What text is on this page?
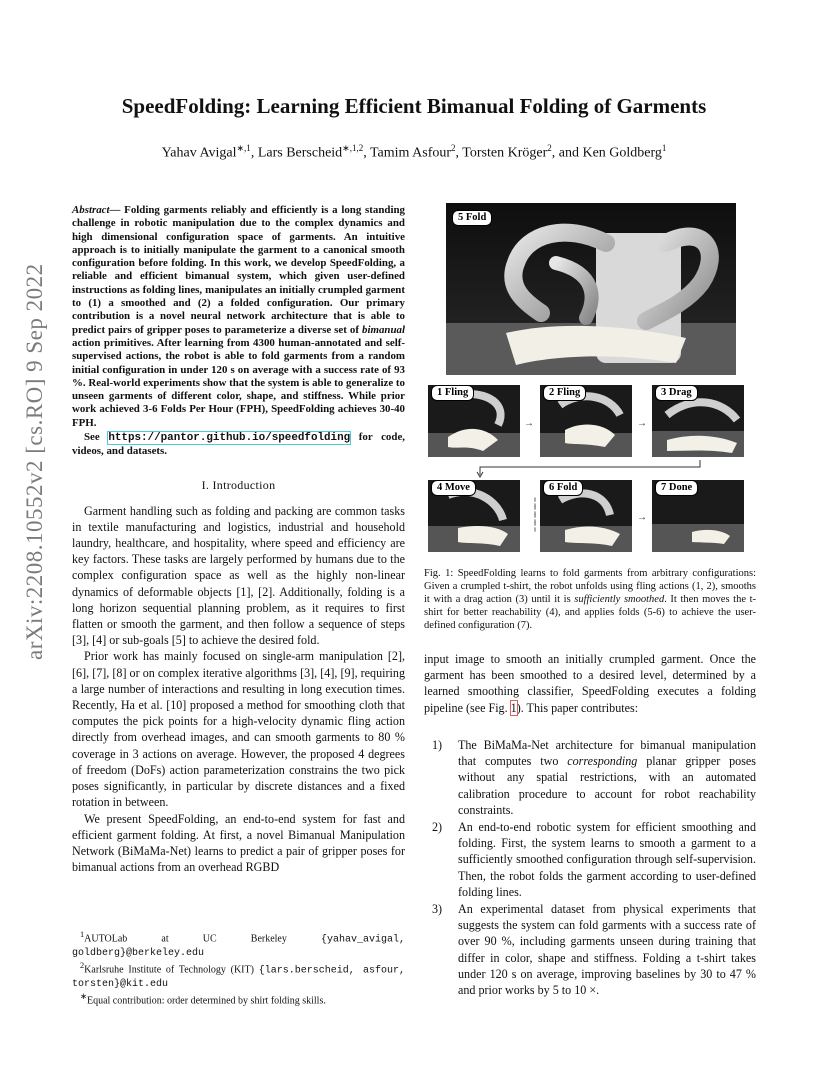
arXiv:2208.10552v2 [cs.RO] 9 Sep 2022
SpeedFolding: Learning Efficient Bimanual Folding of Garments
Yahav Avigal$^{∗,1}$, Lars Berscheid$^{∗,1,2}$, Tamim Asfour$^2$, Torsten Kröger$^2$, and Ken Goldberg$^1$
Abstract— Folding garments reliably and efficiently is a long standing challenge in robotic manipulation due to the complex dynamics and high dimensional configuration space of garments. An intuitive approach is to initially manipulate the garment to a canonical smooth configuration before folding. In this work, we develop SpeedFolding, a reliable and efficient bimanual system, which given user-defined instructions as folding lines, manipulates an initially crumpled garment to (1) a smoothed and (2) a folded configuration. Our primary contribution is a novel neural network architecture that is able to predict pairs of gripper poses to parameterize a diverse set of bimanual action primitives. After learning from 4300 human-annotated and self-supervised actions, the robot is able to fold garments from a random initial configuration in under 120 s on average with a success rate of 93 %. Real-world experiments show that the system is able to generalize to unseen garments of different color, shape, and stiffness. While prior work achieved 3-6 Folds Per Hour (FPH), SpeedFolding achieves 30-40 FPH.
See https://pantor.github.io/speedfolding for code, videos, and datasets.
I. Introduction

Garment handling such as folding and packing are common tasks in textile manufacturing and logistics, industrial and household laundry, healthcare, and hospitality, where speed and efficiency are key factors. These tasks are largely performed by humans due to the complex configuration space as well as the highly non-linear dynamics of deformable objects [1], [2]. Additionally, folding is a long horizon sequential planning problem, as it requires to first flatten or smooth the garment, and then follow a sequence of steps [3], [4] or sub-goals [5] to achieve the desired fold.

Prior work has mainly focused on single-arm manipulation [2], [6], [7], [8] or on complex iterative algorithms [3], [4], [9], requiring a large number of interactions and resulting in long execution times. Recently, Ha et al. [10] proposed a method for smoothing cloth that computes the pick points for a high-velocity dynamic fling action directly from overhead images, and can smooth garments to 80 % coverage in 3 actions on average. However, the proposed 4 degrees of freedom (DoFs) action parameterization constrains the two pick poses significantly, in particular by discrete distances and a fixed rotation in between.

We present SpeedFolding, an end-to-end system for fast and efficient garment folding. At first, a novel Bimanual Manipulation Network (BiMaMa-Net) learns to predict a pair of gripper poses for bimanual actions from an overhead RGBD

$^1$AUTOLab at UC Berkeley {yahav_avigal, goldberg}@berkeley.edu
$^2$Karlsruhe Institute of Technology (KIT) {lars.berscheid, asfour, torsten}@kit.edu
∗Equal contribution: order determined by shirt folding skills.
5 Fold
1 Fling
→
2 Fling
→
3 Drag
4 Move
╎
╎
╎
╎
6 Fold
→
7 Done
Fig. 1: SpeedFolding learns to fold garments from arbitrary configurations: Given a crumpled t-shirt, the robot unfolds using fling actions (1, 2), smooths it with a drag action (3) until it is sufficiently smoothed. It then moves the t-shirt for better reachability (4), and applies folds (5-6) to achieve the user-defined configuration (7).

input image to smooth an initially crumpled garment. Once the garment has been smoothed to a desired level, determined by a learned smoothing classifier, SpeedFolding executes a folding pipeline (see Fig. 1). This paper contributes:

1) The BiMaMa-Net architecture for bimanual manipulation that computes two corresponding planar gripper poses without any spatial restrictions, with an automated calibration procedure to account for robot reachability constraints.
2) An end-to-end robotic system for efficient smoothing and folding. First, the system learns to smooth a garment to a sufficiently smoothed configuration through self-supervision. Then, the robot folds the garment according to user-defined folding lines.
3) An experimental dataset from physical experiments that suggests the system can fold garments with a success rate of over 90 %, including garments unseen during training that differ in color, shape and stiffness. Folding a t-shirt takes under 120 s on average, improving baselines by 30 to 47 % and prior works by 5 to 10 ×.
